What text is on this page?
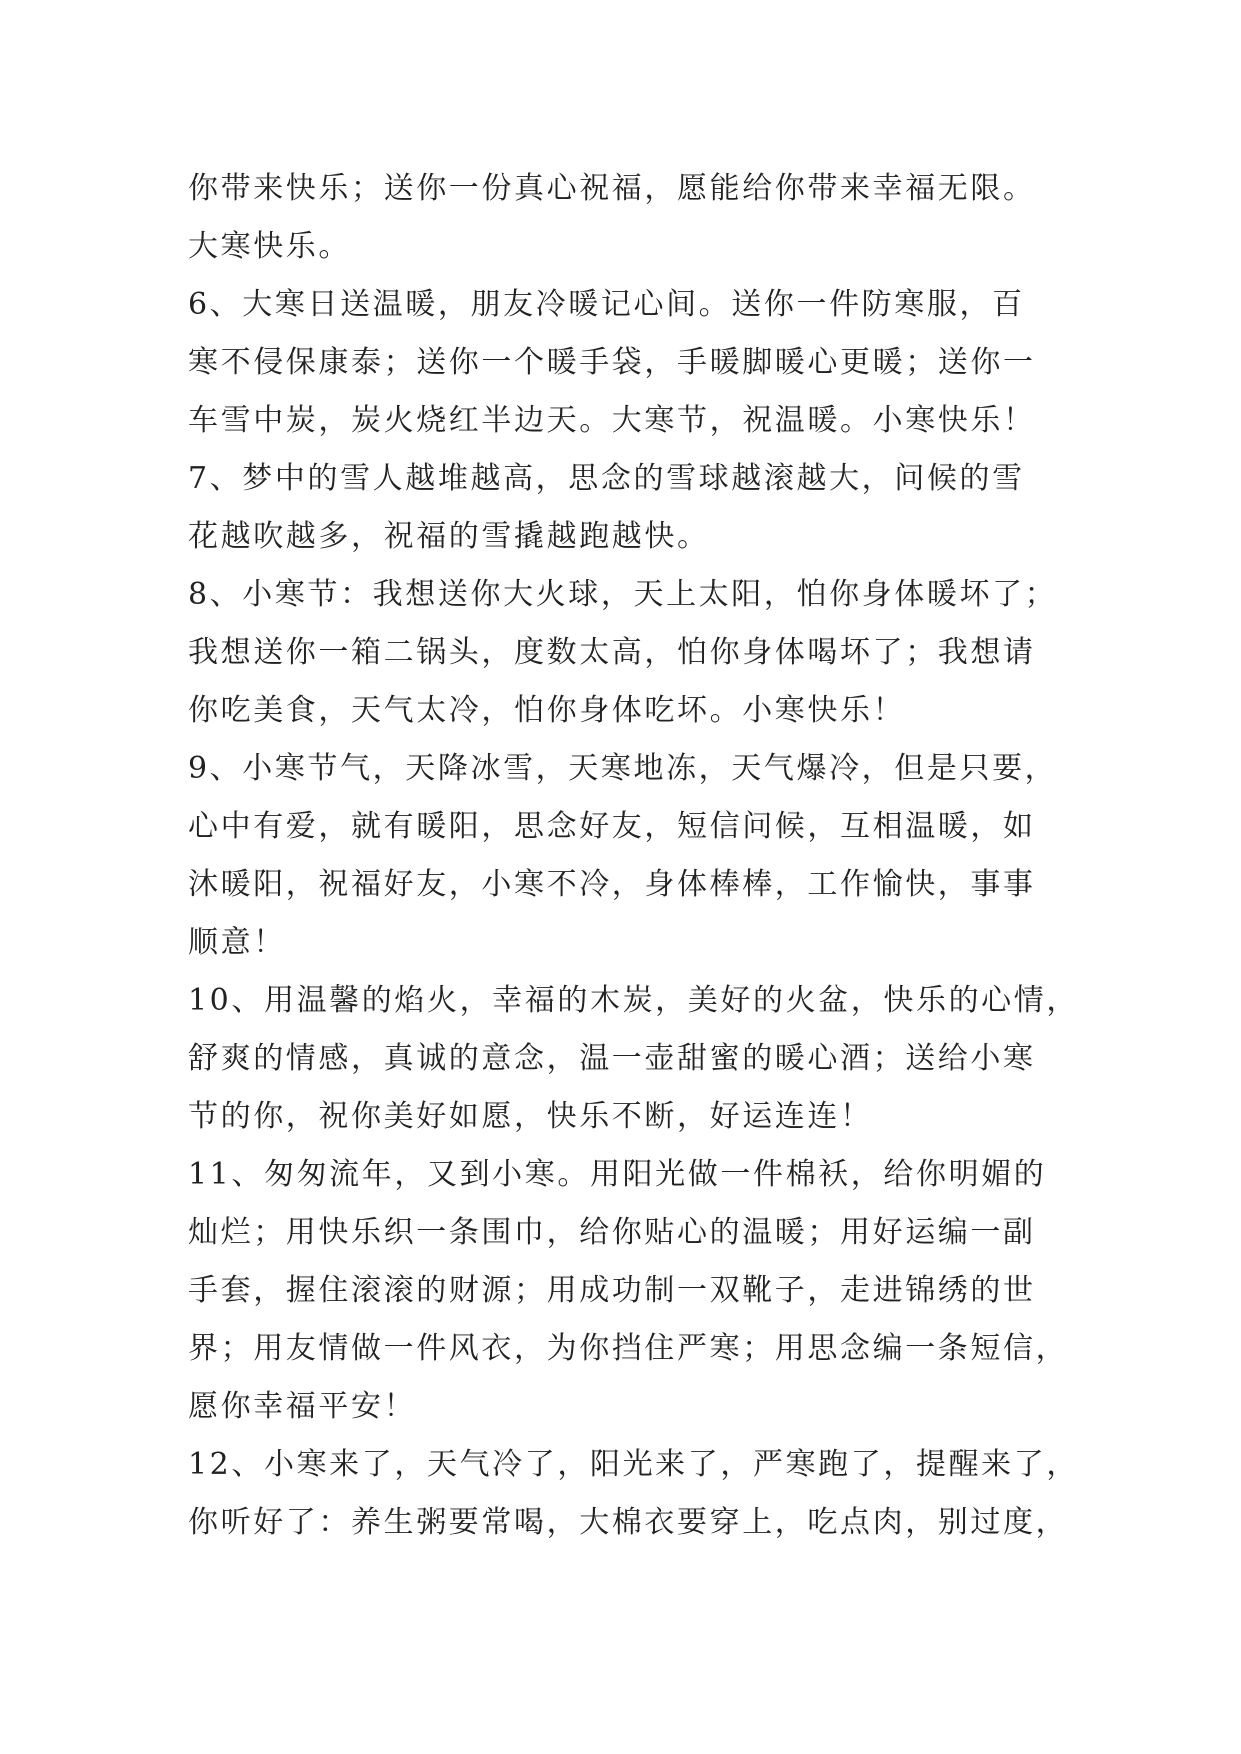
你带来快乐；送你一份真心祝福，愿能给你带来幸福无限。
大寒快乐。
6、大寒日送温暖，朋友冷暖记心间。送你一件防寒服，百
寒不侵保康泰；送你一个暖手袋，手暖脚暖心更暖；送你一
车雪中炭，炭火烧红半边天。大寒节，祝温暖。小寒快乐！
7、梦中的雪人越堆越高，思念的雪球越滚越大，问候的雪
花越吹越多，祝福的雪撬越跑越快。
8、小寒节：我想送你大火球，天上太阳，怕你身体暖坏了；
我想送你一箱二锅头，度数太高，怕你身体喝坏了；我想请
你吃美食，天气太冷，怕你身体吃坏。小寒快乐！
9、小寒节气，天降冰雪，天寒地冻，天气爆冷，但是只要，
心中有爱，就有暖阳，思念好友，短信问候，互相温暖，如
沐暖阳，祝福好友，小寒不冷，身体棒棒，工作愉快，事事
顺意！
10、用温馨的焰火，幸福的木炭，美好的火盆，快乐的心情，
舒爽的情感，真诚的意念，温一壶甜蜜的暖心酒；送给小寒
节的你，祝你美好如愿，快乐不断，好运连连！
11、匆匆流年，又到小寒。用阳光做一件棉袄，给你明媚的
灿烂；用快乐织一条围巾，给你贴心的温暖；用好运编一副
手套，握住滚滚的财源；用成功制一双靴子，走进锦绣的世
界；用友情做一件风衣，为你挡住严寒；用思念编一条短信，
愿你幸福平安！
12、小寒来了，天气冷了，阳光来了，严寒跑了，提醒来了，
你听好了：养生粥要常喝，大棉衣要穿上，吃点肉，别过度，
